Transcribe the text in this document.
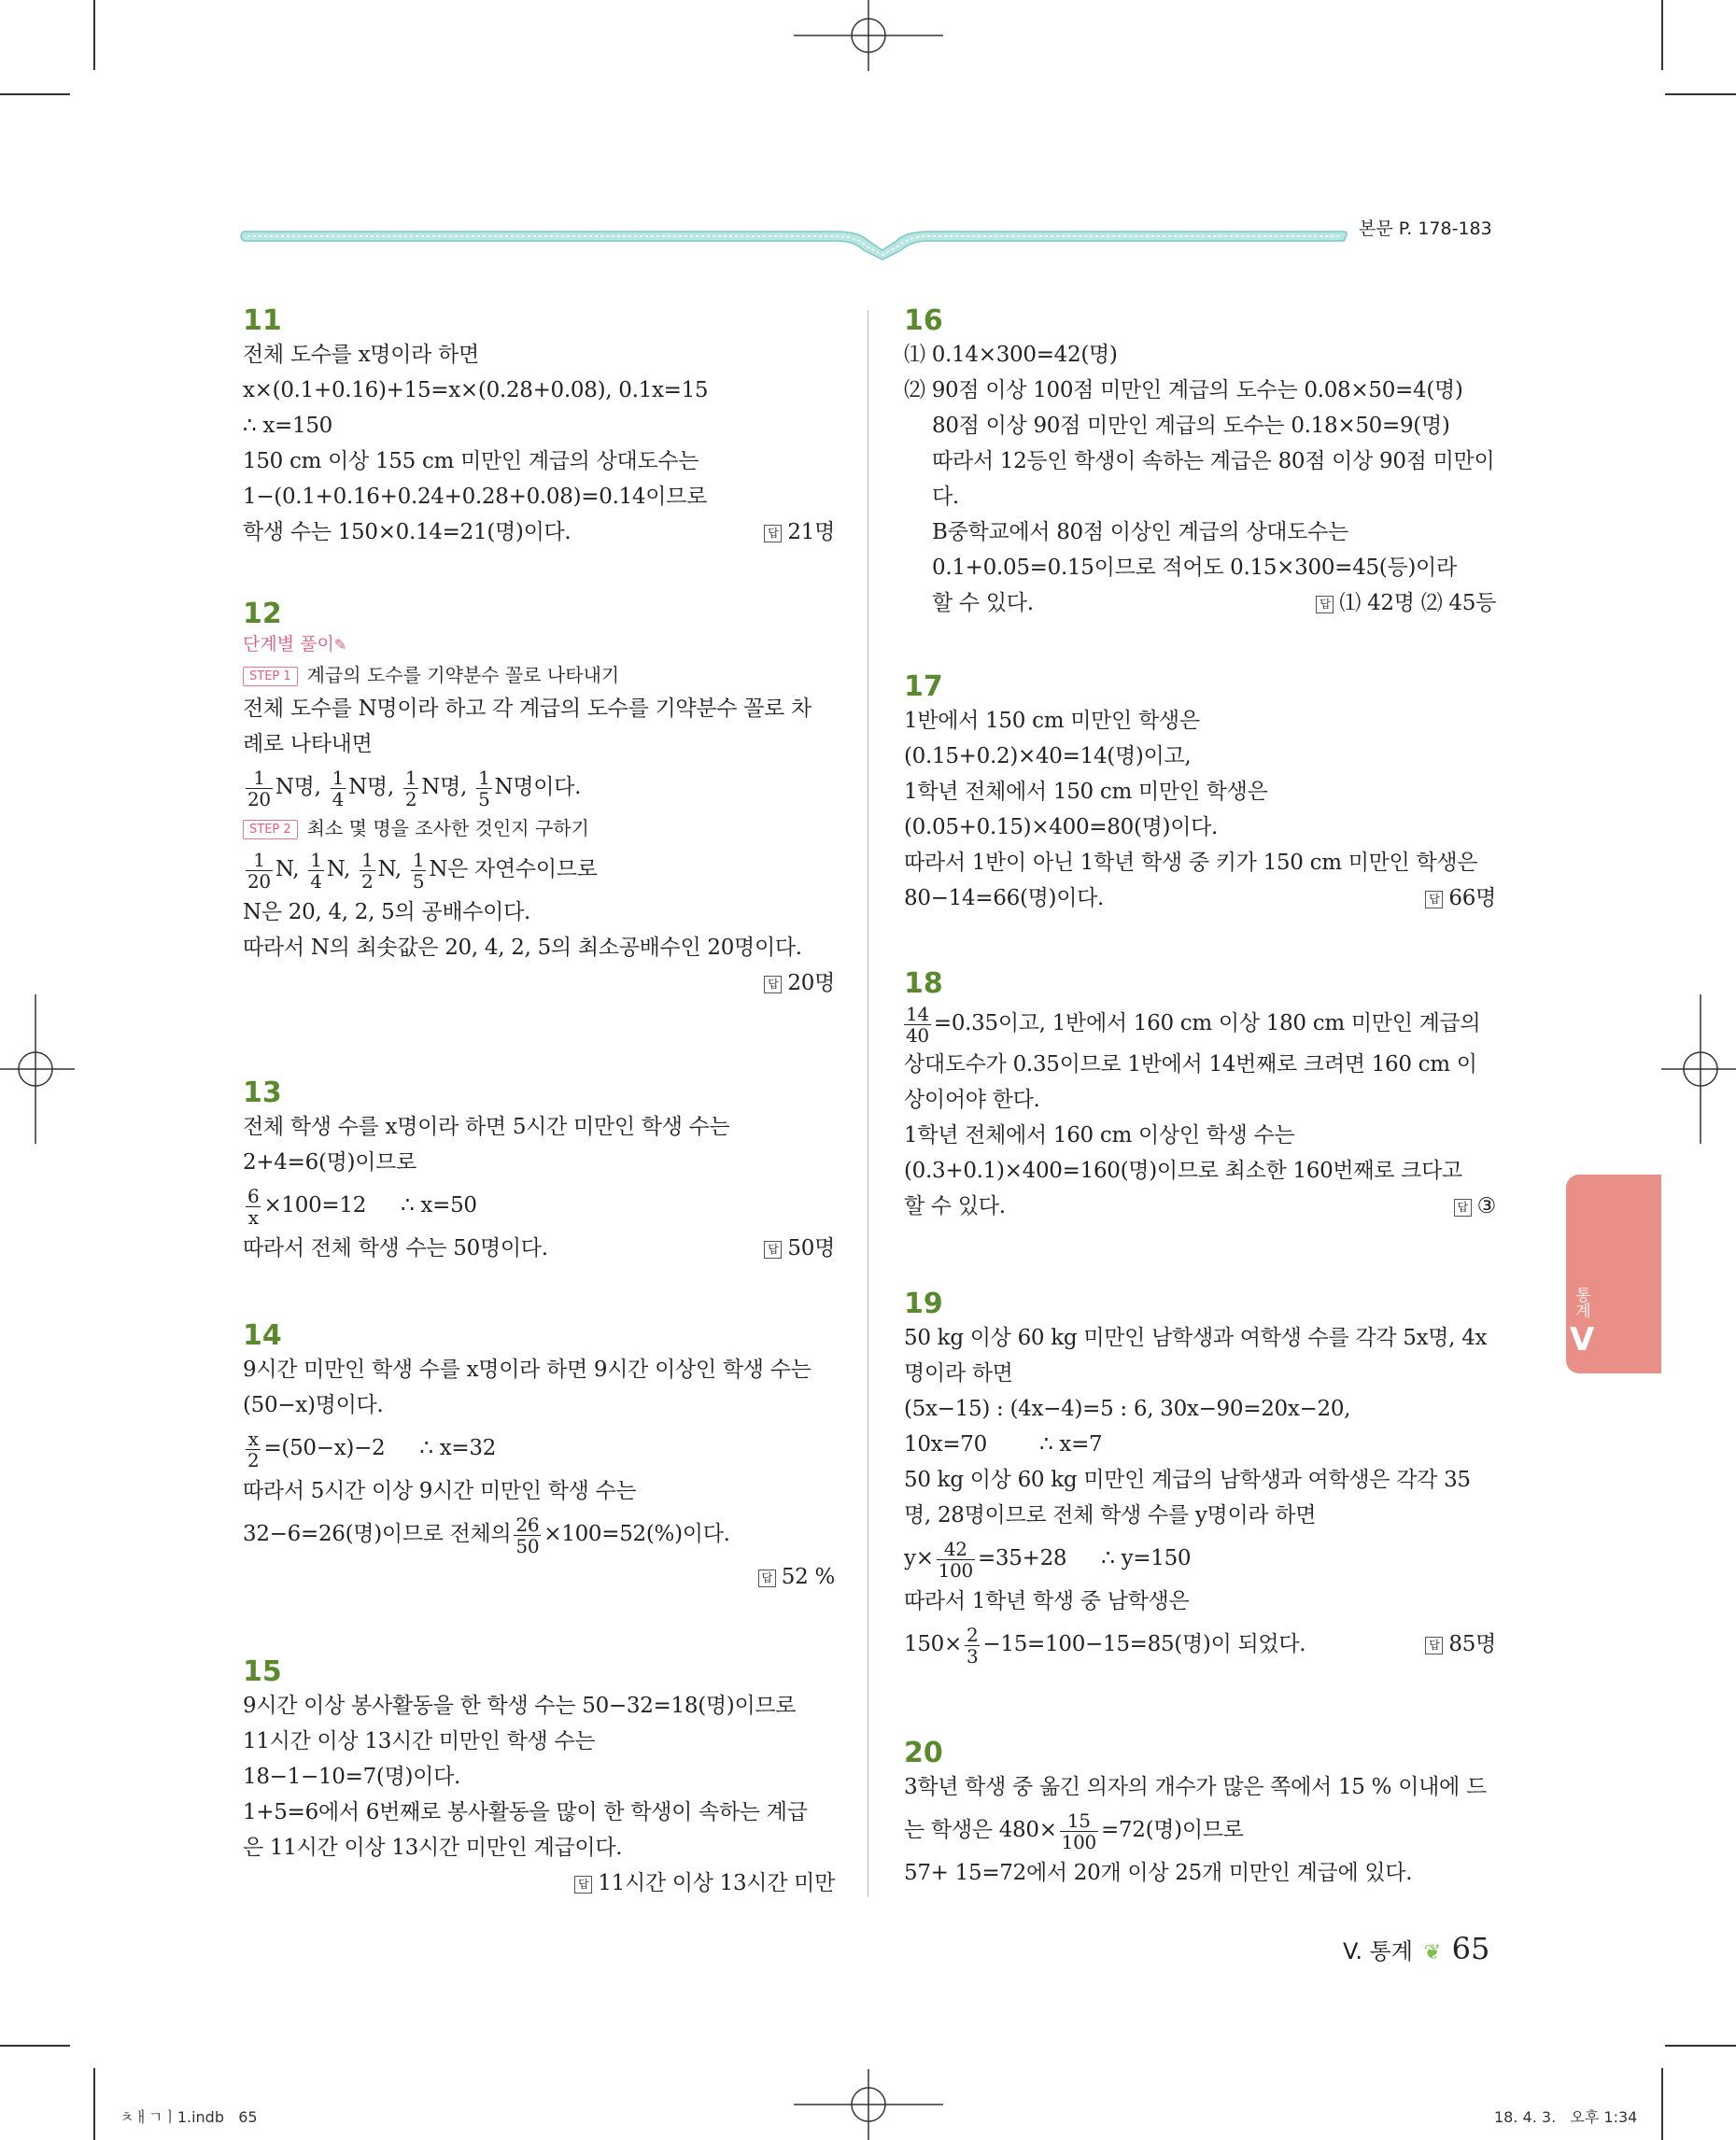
본문 P. 178-183
11
전체 도수를 x명이라 하면
x×(0.1+0.16)+15=x×(0.28+0.08), 0.1x=15
∴ x=150
150 cm 이상 155 cm 미만인 계급의 상대도수는
1−(0.1+0.16+0.24+0.28+0.08)=0.14이므로
학생 수는 150×0.14=21(명)이다.	답 21명
12
단계별 풀이✎
STEP 1 계급의 도수를 기약분수 꼴로 나타내기
전체 도수를 N명이라 하고 각 계급의 도수를 기약분수 꼴로 차
례로 나타내면
$\frac{1}{20}$ N명, $\frac{1}{4}$ N명, $\frac{1}{2}$ N명, $\frac{1}{5}$ N명이다.
STEP 2 최소 몇 명을 조사한 것인지 구하기
$\frac{1}{20} N$, $\frac{1}{4} N$, $\frac{1}{2} N$, $\frac{1}{5}$ N은 자연수이므로
N은 20, 4, 2, 5의 공배수이다.
따라서 N의 최솟값은 20, 4, 2, 5의 최소공배수인 20명이다.
답 20명

13
전체 학생 수를 x명이라 하면 5시간 미만인 학생 수는
2+4=6(명)이므로
$\frac{6}{x} \times 100=12$ ∴ x=50
따라서 전체 학생 수는 50명이다.	답 50명
14
9시간 미만인 학생 수를 x명이라 하면 9시간 이상인 학생 수는
(50−x)명이다.
$\frac{x}{2} =(50-x)-2$ ∴ x=32
따라서 5시간 이상 9시간 미만인 학생 수는
32−6=26(명)이므로 전체의 $\frac{26}{50} \times 100=52(\%)$이다.
답 52 %

15
9시간 이상 봉사활동을 한 학생 수는 50−32=18(명)이므로
11시간 이상 13시간 미만인 학생 수는
18−1−10=7(명)이다.
1+5=6에서 6번째로 봉사활동을 많이 한 학생이 속하는 계급
은 11시간 이상 13시간 미만인 계급이다.
답 11시간 이상 13시간 미만

16
⑴ 0.14×300=42(명)
⑵ 90점 이상 100점 미만인 계급의 도수는 0.08×50=4(명)
80점 이상 90점 미만인 계급의 도수는 0.18×50=9(명)
따라서 12등인 학생이 속하는 계급은 80점 이상 90점 미만이
다.
B중학교에서 80점 이상인 계급의 상대도수는
0.1+0.05=0.15이므로 적어도 0.15×300=45(등)이라
할 수 있다.	답 ⑴ 42명 ⑵ 45등
17
1반에서 150 cm 미만인 학생은
(0.15+0.2)×40=14(명)이고,
1학년 전체에서 150 cm 미만인 학생은
(0.05+0.15)×400=80(명)이다.
따라서 1반이 아닌 1학년 학생 중 키가 150 cm 미만인 학생은
80−14=66(명)이다.	답 66명
18
$\frac{14}{40} =0.35$이고, 1반에서 160 cm 이상 180 cm 미만인 계급의
상대도수가 0.35이므로 1반에서 14번째로 크려면 160 cm 이
상이어야 한다.
1학년 전체에서 160 cm 이상인 학생 수는
(0.3+0.1)×400=160(명)이므로 최소한 160번째로 크다고
할 수 있다.	답 ③
19
50 kg 이상 60 kg 미만인 남학생과 여학생 수를 각각 5x명, 4x
명이라 하면
(5x−15) : (4x−4)=5 : 6, 30x−90=20x−20,
10x=70        ∴ x=7
50 kg 이상 60 kg 미만인 계급의 남학생과 여학생은 각각 35
명, 28명이므로 전체 학생 수를 y명이라 하면
$y\times \frac{42}{100} =35+28$ ∴ y=150
따라서 1학년 학생 중 남학생은
$150\times \frac{2}{3} -15=100-15=85$(명)이 되었다.	답 85명
20
3학년 학생 중 옮긴 의자의 개수가 많은 쪽에서 15 % 이내에 드
는 학생은 $480\times \frac{15}{100} =72$(명)이므로
57+ 15=72에서 20개 이상 25개 미만인 계급에 있다.
V
통계
V. 통계 ❦ 65
ㅊㅐㄱㅣ1.indb   65	18. 4. 3.   오후 1:34
